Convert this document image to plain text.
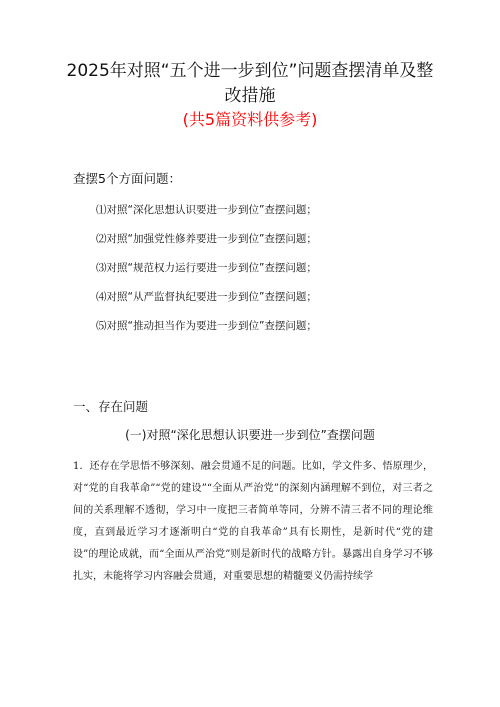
2025年对照“五个进一步到位”问题查摆清单及整改措施
(共5篇资料供参考)
查摆5个方面问题：
⑴对照“深化思想认识要进一步到位”查摆问题；
⑵对照“加强党性修养要进一步到位”查摆问题；
⑶对照“规范权力运行要进一步到位”查摆问题；
⑷对照“从严监督执纪要进一步到位”查摆问题；
⑸对照“推动担当作为要进一步到位”查摆问题；
一、存在问题
(一)对照“深化思想认识要进一步到位”查摆问题
1．还存在学思悟不够深刻、融会贯通不足的问题。比如，学文件多、悟原理少，对“党的自我革命”“党的建设”“全面从严治党”的深刻内涵理解不到位，对三者之间的关系理解不透彻，学习中一度把三者简单等同，分辨不清三者不同的理论维度，直到最近学习才逐渐明白“党的自我革命”具有长期性，是新时代“党的建设”的理论成就，而“全面从严治党”则是新时代的战略方针。暴露出自身学习不够扎实，未能将学习内容融会贯通，对重要思想的精髓要义仍需持续学
